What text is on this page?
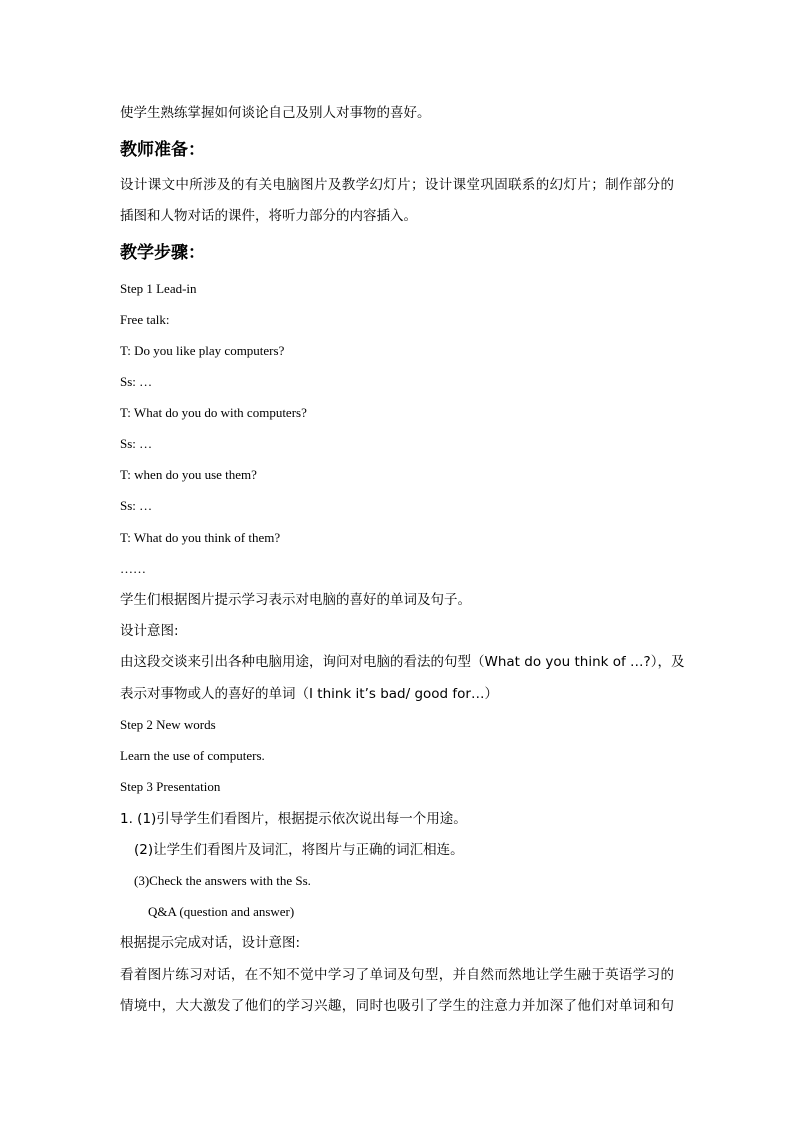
使学生熟练掌握如何谈论自己及别人对事物的喜好。
教师准备：
设计课文中所涉及的有关电脑图片及教学幻灯片；设计课堂巩固联系的幻灯片；制作部分的
插图和人物对话的课件，将听力部分的内容插入。
教学步骤：
Step 1 Lead-in
Free talk:
T: Do you like play computers?
Ss: …
T: What do you do with computers?
Ss: …
T: when do you use them?
Ss: …
T: What do you think of them?
……
学生们根据图片提示学习表示对电脑的喜好的单词及句子。
设计意图:
由这段交谈来引出各种电脑用途，询问对电脑的看法的句型（What do you think of …?），及
表示对事物或人的喜好的单词（I think it’s bad/ good for…）
Step 2 New words
Learn the use of computers.
Step 3 Presentation
1. (1)引导学生们看图片，根据提示依次说出每一个用途。
(2)让学生们看图片及词汇，将图片与正确的词汇相连。
(3)Check the answers with the Ss.
Q&A (question and answer)
根据提示完成对话，设计意图:
看着图片练习对话，在不知不觉中学习了单词及句型，并自然而然地让学生融于英语学习的
情境中，大大激发了他们的学习兴趣，同时也吸引了学生的注意力并加深了他们对单词和句
